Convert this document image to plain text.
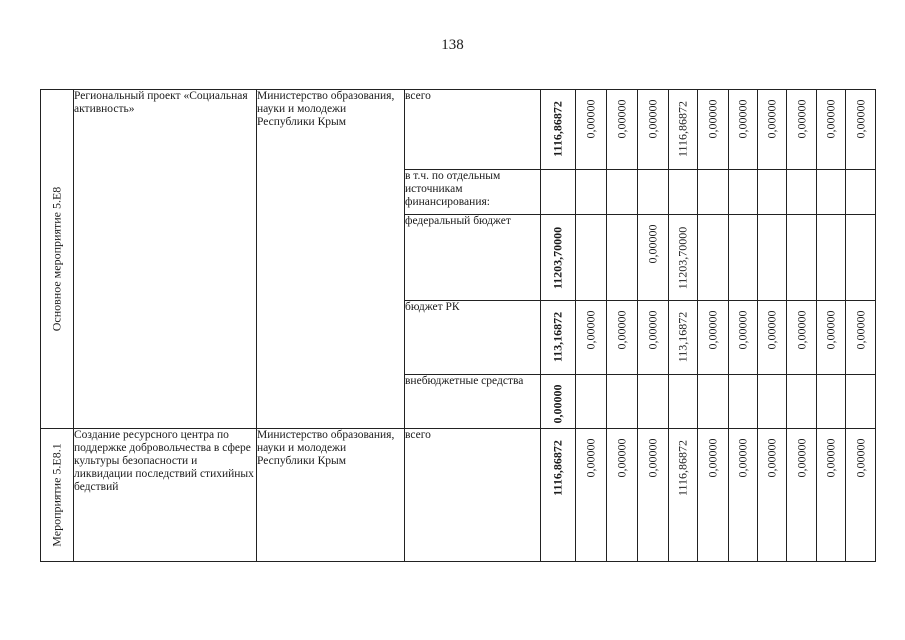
138
Основное мероприятие 5.Е8	Региональный проект «Социальная активность»	Министерство образования, науки и молодежи Республики Крым	всего	1116,86872	0,00000	0,00000	0,00000	1116,86872	0,00000	0,00000	0,00000	0,00000	0,00000	0,00000

			в т.ч. по отдельным источникам финансирования:											
			федеральный бюджет	11203,70000			0,00000	11203,70000						

			бюджет РК	113,16872	0,00000	0,00000	0,00000	113,16872	0,00000	0,00000	0,00000	0,00000	0,00000	0,00000

			внебюджетные средства	0,00000										

Мероприятие 5.Е8.1	Создание ресурсного центра по поддержке добровольчества в сфере культуры безопасности и ликвидации последствий стихийных бедствий	Министерство образования, науки и молодежи Республики Крым	всего	1116,86872	0,00000	0,00000	0,00000	1116,86872	0,00000	0,00000	0,00000	0,00000	0,00000	0,00000
